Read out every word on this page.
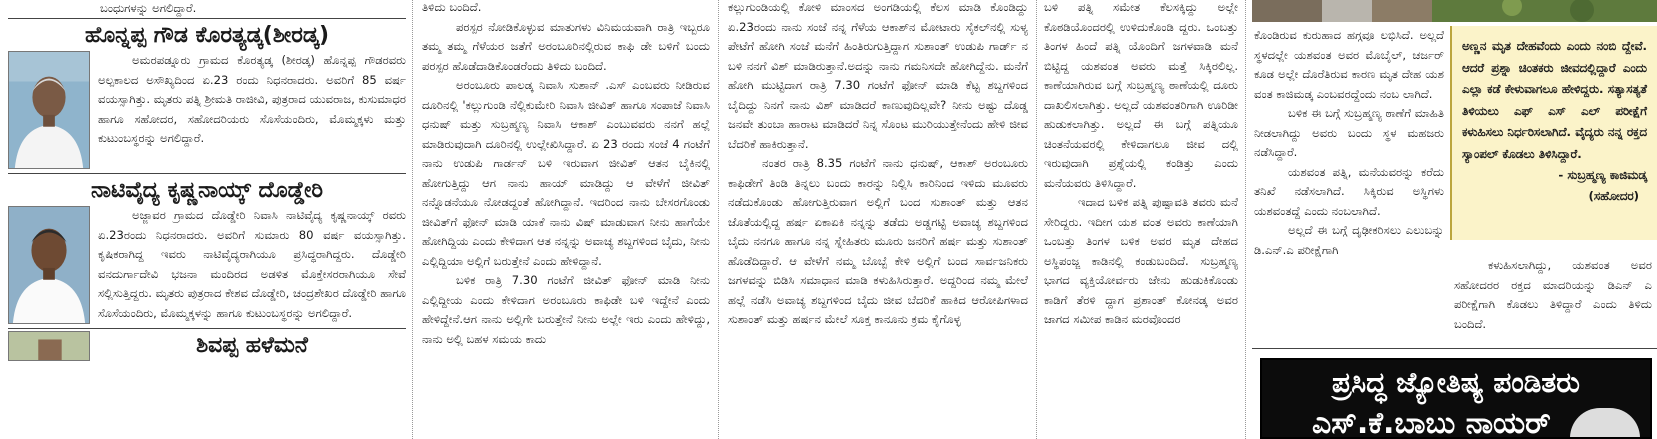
ಬಂಧುಗಳನ್ನು ಅಗಲಿದ್ದಾರೆ.

ಹೊನ್ನಪ್ಪ ಗೌಡ ಕೊರತ್ಯಡ್ಕ(ಶೀರಡ್ಕ)

ಅಮರಪಡ್ನೂರು ಗ್ರಾಮದ ಕೊರತ್ಯಡ್ಕ (ಶೀರಡ್ಕ) ಹೊನ್ನಪ್ಪ ಗೌಡರವರು ಅಲ್ಪಕಾಲದ ಅಸೌಖ್ಯದಿಂದ ಏ.23 ರಂದು ನಿಧನರಾದರು. ಅವರಿಗೆ 85 ವರ್ಷ ವಯಸ್ಸಾಗಿತ್ತು. ಮೃತರು ಪತ್ನಿ ಶ್ರೀಮತಿ ರಾಜೀವಿ, ಪುತ್ರರಾದ ಯುವರಾಜ, ಕುಸುಮಾಧರ ಹಾಗೂ ಸಹೋದರ, ಸಹೋದರಿಯರು ಸೊಸೆಯಂದಿರು, ಮೊಮ್ಮಕ್ಕಳು ಮತ್ತು ಕುಟುಂಬಸ್ಥರನ್ನು ಅಗಲಿದ್ದಾರೆ.

ನಾಟಿವೈದ್ಯ ಕೃಷ್ಣನಾಯ್ಕ್ ದೊಡ್ಡೇರಿ

ಅಜ್ಜಾವರ ಗ್ರಾಮದ ದೊಡ್ಡೇರಿ ನಿವಾಸಿ ನಾಟಿವೈದ್ಯ ಕೃಷ್ಣನಾಯ್ಕ್ ರವರು ಏ.23ರಂದು ನಿಧನರಾದರು. ಅವರಿಗೆ ಸುಮಾರು 80 ವರ್ಷ ವಯಸ್ಸಾಗಿತ್ತು. ಕೃಷಿಕರಾಗಿದ್ದ ಇವರು ನಾಟಿವೈದ್ಯರಾಗಿಯೂ ಪ್ರಸಿದ್ಧರಾಗಿದ್ದರು. ದೊಡ್ಡೇರಿ ವನದುರ್ಗಾದೇವಿ ಭಜನಾ ಮಂದಿರದ ಅಡಳಿತ ಮೊಕ್ತೇಸರರಾಗಿಯೂ ಸೇವೆ ಸಲ್ಲಿಸುತ್ತಿದ್ದರು. ಮೃತರು ಪುತ್ರರಾದ ಕೇಶವ ದೊಡ್ಡೇರಿ, ಚಂದ್ರಶೇಖರ ದೊಡ್ಡೇರಿ ಹಾಗೂ ಸೊಸೆಯಂದಿರು, ಮೊಮ್ಮಕ್ಕಳನ್ನು ಹಾಗೂ ಕುಟುಂಬಸ್ಥರನ್ನು ಅಗಲಿದ್ದಾರೆ.

ಶಿವಪ್ಪ ಹಳೆಮನೆ

ತಿಳಿದು ಬಂದಿದೆ.

ಪರಸ್ಪರ ನೋಡಿಕೊಳ್ಳುವ ಮಾತುಗಳು ವಿನಿಮಯವಾಗಿ ರಾತ್ರಿ ಇಬ್ಬರೂ ತಮ್ಮ ತಮ್ಮ ಗೆಳೆಯರ ಜತೆಗೆ ಅರಂಬೂರಿನಲ್ಲಿರುವ ಕಾಫಿ ಡೇ ಬಳಿಗೆ ಬಂದು ಪರಸ್ಪರ ಹೊಡೆದಾಡಿಕೊಂಡರೆಂದು ತಿಳಿದು ಬಂದಿದೆ.

ಅರಂಬೂರು ಪಾಲಡ್ಕ ನಿವಾಸಿ ಸುಶಾನ್ .ಎಸ್ ಎಂಬವರು ನೀಡಿರುವ ದೂರಿನಲ್ಲಿ 'ಕಲ್ಲುಗುಂಡಿ ನೆಲ್ಲಿಕುಮೇರಿ ನಿವಾಸಿ ಜೀವಿತ್ ಹಾಗೂ ಸಂಪಾಜೆ ನಿವಾಸಿ ಧನುಷ್ ಮತ್ತು ಸುಬ್ರಹ್ಮಣ್ಯ ನಿವಾಸಿ ಆಕಾಶ್ ಎಂಬುವವರು ನನಗೆ ಹಲ್ಲೆ ಮಾಡಿರುವುದಾಗಿ ದೂರಿನಲ್ಲಿ ಉಲ್ಲೇಖಿಸಿದ್ದಾರೆ. ಏ 23 ರಂದು ಸಂಜೆ 4 ಗಂಟೆಗೆ ನಾನು ಉಡುಪಿ ಗಾರ್ಡನ್ ಬಳಿ ಇರುವಾಗ ಜೀವಿತ್ ಆತನ ಬೈಕಿನಲ್ಲಿ ಹೋಗುತ್ತಿದ್ದು ಆಗ ನಾನು ಹಾಯ್ ಮಾಡಿದ್ದು ಆ ವೇಳೆಗೆ ಜೀವಿತ್ ನನ್ನೊಡನೆಯೂ ನೋಡದ್ದಂತೆ ಹೋಗಿದ್ದಾನೆ. ಇದರಿಂದ ನಾನು ಬೇಸರಗೊಂಡು ಜೀವಿತ್‌ಗೆ ಫೋನ್ ಮಾಡಿ ಯಾಕೆ ನಾನು ವಿಷ್ ಮಾಡುವಾಗ ನೀನು ಹಾಗೆಯೇ ಹೋಗಿದ್ದಿಯ ಎಂದು ಕೇಳಿದಾಗ ಆತ ನನ್ನನ್ನು ಅವಾಚ್ಯ ಶಬ್ದಗಳಿಂದ ಬೈದು, ನೀನು ಎಲ್ಲಿದ್ದಿಯಾ ಅಲ್ಲಿಗೆ ಬರುತ್ತೇನೆ ಎಂದು ಹೇಳಿದ್ದಾನೆ.

ಬಳಿಕ ರಾತ್ರಿ 7.30 ಗಂಟೆಗೆ ಜೀವಿತ್ ಫೋನ್ ಮಾಡಿ ನೀನು ಎಲ್ಲಿದ್ದೀಯ ಎಂದು ಕೇಳಿದಾಗ ಅರಂಬೂರು ಕಾಫಿಡೇ ಬಳಿ ಇದ್ದೇನೆ ಎಂದು ಹೇಳಿದ್ದೇನೆ.ಆಗ ನಾನು ಅಲ್ಲಿಗೇ ಬರುತ್ತೇನೆ ನೀನು ಅಲ್ಲೇ ಇರು ಎಂದು ಹೇಳಿದ್ದು, ನಾನು ಅಲ್ಲಿ ಬಹಳ ಸಮಯ ಕಾದು

ಕಲ್ಲುಗುಂಡಿಯಲ್ಲಿ ಕೋಳಿ ಮಾಂಸದ ಅಂಗಡಿಯಲ್ಲಿ ಕೆಲಸ ಮಾಡಿ ಕೊಂಡಿದ್ದು ಏ.23ರಂದು ನಾನು ಸಂಜೆ ನನ್ನ ಗೆಳೆಯ ಆಕಾಶ್‌ನ ಮೋಟಾರು ಸೈಕಲ್‌ನಲ್ಲಿ ಸುಳ್ಯ ಪೇಟೆಗೆ ಹೋಗಿ ಸಂಜೆ ಮನೆಗೆ ಹಿಂತಿರುಗುತ್ತಿದ್ದಾಗ ಸುಶಾಂತ್ ಉಡುಪಿ ಗಾರ್ಡ್ ನ ಬಳಿ ನನಗೆ ವಿಶ್ ಮಾಡಿರುತ್ತಾನೆ.ಅದನ್ನು ನಾನು ಗಮನಿಸದೇ ಹೋಗಿದ್ದೆನು. ಮನೆಗೆ ಹೋಗಿ ಮುಟ್ಟಿದಾಗ ರಾತ್ರಿ 7.30 ಗಂಟೆಗೆ ಫೋನ್ ಮಾಡಿ ಕೆಟ್ಟ ಶಬ್ದಗಳಿಂದ ಬೈದಿದ್ದು ನಿನಗೆ ನಾನು ವಿಶ್ ಮಾಡಿದರೆ ಕಾಣುವುದಿಲ್ಲವೇ? ನೀನು ಅಷ್ಟು ದೊಡ್ಡ ಜನವೇ ತುಂಬಾ ಹಾರಾಟ ಮಾಡಿದರೆ ನಿನ್ನ ಸೊಂಟ ಮುರಿಯುತ್ತೇನೆಂದು ಹೇಳಿ ಜೀವ ಬೆದರಿಕೆ ಹಾಕಿರುತ್ತಾನೆ.

ನಂತರ ರಾತ್ರಿ 8.35 ಗಂಟೆಗೆ ನಾನು ಧನುಷ್, ಆಕಾಶ್ ಅರಂಬೂರು ಕಾಫಿಡೇಗೆ ತಿಂಡಿ ತಿನ್ನಲು ಬಂದು ಕಾರನ್ನು ನಿಲ್ಲಿಸಿ ಕಾರಿನಿಂದ ಇಳಿದು ಮೂವರು ನಡೆದುಕೊಂಡು ಹೋಗುತ್ತಿರುವಾಗ ಅಲ್ಲಿಗೆ ಬಂದ ಸುಶಾಂತ್ ಮತ್ತು ಆತನ ಜೊತೆಯಲ್ಲಿದ್ದ ಹರ್ಷ ಏಕಾಏಕಿ ನನ್ನನ್ನು ತಡೆದು ಅಡ್ಡಗಟ್ಟಿ ಅವಾಚ್ಯ ಶಬ್ದಗಳಿಂದ ಬೈದು ನನಗೂ ಹಾಗೂ ನನ್ನ ಸ್ನೇಹಿತರು ಮೂರು ಜನರಿಗೆ ಹರ್ಷ ಮತ್ತು ಸುಶಾಂತ್ ಹೊಡೆದಿದ್ದಾರೆ. ಆ ವೇಳೆಗೆ ನಮ್ಮ ಬೊಬ್ಬೆ ಕೇಳಿ ಅಲ್ಲಿಗೆ ಬಂದ ಸಾರ್ವಜನಿಕರು ಜಗಳವನ್ನು ಬಿಡಿಸಿ ಸಮಾಧಾನ ಮಾಡಿ ಕಳುಹಿಸಿರುತ್ತಾರೆ. ಅದ್ದರಿಂದ ನಮ್ಮ ಮೇಲೆ ಹಲ್ಲೆ ನಡೆಸಿ ಅವಾಚ್ಯ ಶಬ್ದಗಳಿಂದ ಬೈದು ಜೀವ ಬೆದರಿಕೆ ಹಾಕಿದ ಆರೋಪಿಗಳಾದ ಸುಶಾಂತ್ ಮತ್ತು ಹರ್ಷನ ಮೇಲೆ ಸೂಕ್ತ ಕಾನೂನು ಕ್ರಮ ಕೈಗೊಳ್ಳ

ಬಳಿ ಪತ್ನಿ ಸಮೇತ ಕೆಲಸಕ್ಕಿದ್ದು ಅಲ್ಲೇ ಕೊಠಡಿಯೊಂದರಲ್ಲಿ ಉಳಿದುಕೊಂಡಿ ದ್ದರು. ಒಂಬತ್ತು ತಿಂಗಳ ಹಿಂದೆ ಪತ್ನಿ ಯೊಂದಿಗೆ ಜಗಳವಾಡಿ ಮನೆ ಬಿಟ್ಟಿದ್ದ ಯಶವಂತ ಅವರು ಮತ್ತೆ ಸಿಕ್ಕಿರಲಿಲ್ಲ. ಕಾಣೆಯಾಗಿರುವ ಬಗ್ಗೆ ಸುಬ್ರಹ್ಮಣ್ಯ ಠಾಣೆಯಲ್ಲಿ ದೂರು ದಾಖಲಿಸಲಾಗಿತ್ತು. ಅಲ್ಲದೆ ಯಶವಂತರಿಗಾಗಿ ಊರಿಡೀ ಹುಡುಕಲಾಗಿತ್ತು. ಅಲ್ಲದೆ ಈ ಬಗ್ಗೆ ಪತ್ನಿಯೂ ಚಿಂತನೆಯವರಲ್ಲಿ ಕೇಳಿದಾಗಲೂ ಜೀವ ದಲ್ಲಿ ಇರುವುದಾಗಿ ಪ್ರಶ್ನೆಯಲ್ಲಿ ಕಂಡಿತ್ತು ಎಂದು ಮನೆಯವರು ತಿಳಿಸಿದ್ದಾರೆ.

ಇದಾದ ಬಳಿಕ ಪತ್ನಿ ಪುಷ್ಪಾವತಿ ತವರು ಮನೆ ಸೇರಿದ್ದರು. ಇದೀಗ ಯಶ ವಂತ ಅವರು ಕಾಣೆಯಾಗಿ ಒಂಬತ್ತು ತಿಂಗಳ ಬಳಿಕ ಅವರ ಮೃತ ದೇಹದ ಅಸ್ಥಿಪಂಜ್ಜ ಕಾಡಿನಲ್ಲಿ ಕಂಡುಬಂದಿದೆ. ಸುಬ್ರಹ್ಮಣ್ಯ ಭಾಗದ ವ್ಯಕ್ತಿಯೋರ್ವರು ಜೇನು ಹುಡುಕಿಕೊಂಡು ಕಾಡಿಗೆ ತೆರಳಿ ದ್ದಾಗ ಪ್ರಶಾಂತ್ ಕೋನಡ್ಕ ಅವರ ಜಾಗದ ಸಮೀಪ ಕಾಡಿನ ಮರವೊಂದರ

ಕೊಂಡಿರುವ ಕುರುಹಾದ ಹಗ್ಗವೂ ಲಭಿಸಿದೆ. ಅಲ್ಲದೆ ಸ್ಥಳದಲ್ಲೇ ಯಶವಂತ ಅವರ ಮೊಬೈಲ್, ಚರ್ಜರ್ ಕೂಡ ಅಲ್ಲೇ ದೊರೆತಿರುವ ಕಾರಣ ಮೃತ ದೇಹ ಯಶ ವಂತ ಕಾಜಿಮಡ್ಕ ಎಂಬವರದ್ದೆಂದು ನಂಬ ಲಾಗಿದೆ.

ಬಳಿಕ ಈ ಬಗ್ಗೆ ಸುಬ್ರಹ್ಮಣ್ಯ ಠಾಣೆಗೆ ಮಾಹಿತಿ ನೀಡಲಾಗಿದ್ದು ಅವರು ಬಂದು ಸ್ಥಳ ಮಹಜರು ನಡೆಸಿದ್ದಾರೆ.

ಯಶವಂತ ಪತ್ನಿ, ಮನೆಯವರನ್ನು ಕರೆದು ತನಿಖೆ ನಡೆಸಲಾಗಿದೆ. ಸಿಕ್ಕಿರುವ ಅಸ್ಥಿಗಳು ಯಶವಂತದ್ದೆ ಎಂದು ನಂಬಲಾಗಿದೆ.

ಅಲ್ಲದೆ ಈ ಬಗ್ಗೆ ದೃಢೀಕರಿಸಲು ಎಲುಬನ್ನು ಡಿ.ಎನ್.ಎ ಪರೀಕ್ಷೆಗಾಗಿ

ಅಣ್ಣನ ಮೃತ ದೇಹವೆಂದು ಎಂದು ನಂಬಿ ದ್ದೇವೆ. ಆದರೆ ಪ್ರಶ್ನಾ ಚಿಂತಕರು ಜೀವದಲ್ಲಿದ್ದಾರೆ ಎಂದು ಎಲ್ಲಾ ಕಡೆ ಕೇಳುವಾಗಲೂ ಹೇಳಿದ್ದರು. ಸತ್ಯಾಸತ್ಯತೆ ತಿಳಿಯಲು ಎಫ್ ಎಸ್ ಎಲ್ ಪರೀಕ್ಷೆಗೆ ಕಳುಹಿಸಲು ನಿರ್ಧರಿಸಲಾಗಿದೆ. ವೈದ್ಯರು ನನ್ನ ರಕ್ತದ ಸ್ಯಾಂಪಲ್ ಕೊಡಲು ತಿಳಿಸಿದ್ದಾರೆ.

- ಸುಬ್ರಹ್ಮಣ್ಯ ಕಾಜಿಮಡ್ಕ
(ಸಹೋದರ)

ಕಳುಹಿಸಲಾಗಿದ್ದು, ಯಶವಂತ ಅವರ ಸಹೋದರರ ರಕ್ತದ ಮಾದರಿಯನ್ನು ಡಿಎನ್ ಎ ಪರೀಕ್ಷೆಗಾಗಿ ಕೊಡಲು ತಿಳಿದ್ದಾರೆ ಎಂದು ತಿಳಿದು ಬಂದಿದೆ.

ಪ್ರಸಿದ್ಧ ಜ್ಯೋತಿಷ್ಯ ಪಂಡಿತರು
ಎಸ್.ಕೆ.ಬಾಬು ನಾಯರ್
